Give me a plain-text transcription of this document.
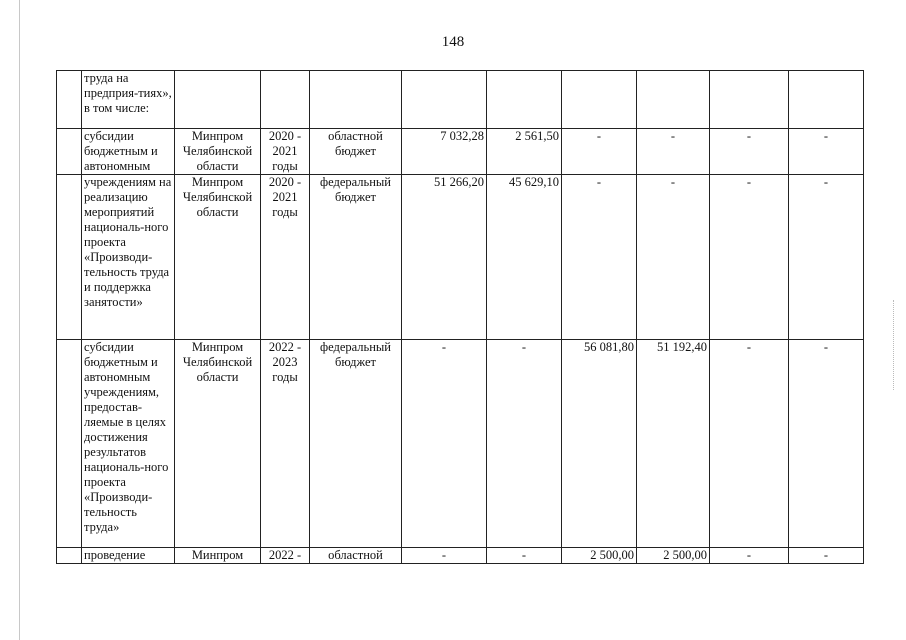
148
	труда на предприя-тиях», в том числе:									
	субсидии бюджетным и автономным	Минпром Челябинской области	2020 - 2021 годы	областной бюджет	7 032,28	2 561,50	-	-	-	-
	учреждениям на реализацию мероприятий националь-ного проекта «Производи-тельность труда и поддержка занятости»	Минпром Челябинской области	2020 - 2021 годы	федеральный бюджет	51 266,20	45 629,10	-	-	-	-
	субсидии бюджетным и автономным учреждениям, предостав-ляемые в целях достижения результатов националь-ного проекта «Производи-тельность труда»	Минпром Челябинской области	2022 - 2023 годы	федеральный бюджет	-	-	56 081,80	51 192,40	-	-
	проведение	Минпром	2022 -	областной	-	-	2 500,00	2 500,00	-	-
